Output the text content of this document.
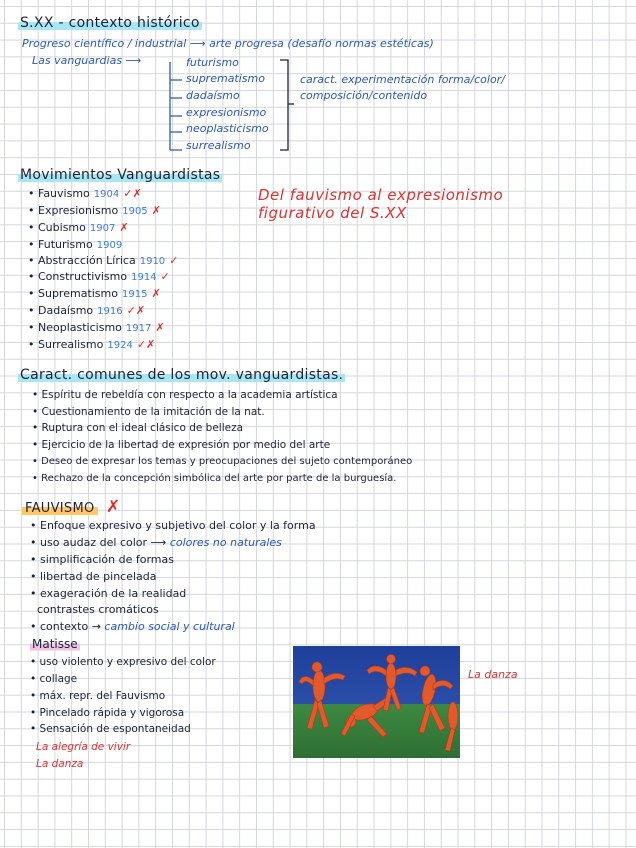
S.XX - contexto histórico
Progreso científico / industrial ⟶ arte progresa (desafío normas estéticas)
Las vanguardias ⟶	futurismo
suprematismo
dadaísmo
expresionismo
neoplasticismo
surrealismo
caract. experimentación forma/color/
composición/contenido
Movimientos Vanguardistas
• Fauvismo 1904 ✓✗
• Expresionismo 1905 ✗
• Cubismo 1907 ✗
• Futurismo 1909
• Abstracción Lírica 1910 ✓
• Constructivismo 1914 ✓
• Suprematismo 1915 ✗
• Dadaísmo 1916 ✓✗
• Neoplasticismo 1917 ✗
• Surrealismo 1924 ✓✗
Del fauvismo al expresionismo
figurativo del S.XX
Caract. comunes de los mov. vanguardistas.
• Espíritu de rebeldía con respecto a la academia artística
• Cuestionamiento de la imitación de la nat.
• Ruptura con el ideal clásico de belleza
• Ejercicio de la libertad de expresión por medio del arte
• Deseo de expresar los temas y preocupaciones del sujeto contemporáneo
• Rechazo de la concepción simbólica del arte por parte de la burguesía.
FAUVISMO ✗
• Enfoque expresivo y subjetivo del color y la forma
• uso audaz del color ⟶ colores no naturales
• simplificación de formas
• libertad de pincelada
• exageración de la realidad
contrastes cromáticos
• contexto → cambio social y cultural
Matisse
• uso violento y expresivo del color
• collage
• máx. repr. del Fauvismo
• Pincelado rápida y vigorosa
• Sensación de espontaneidad
La alegría de vivir
La danza
La danza
